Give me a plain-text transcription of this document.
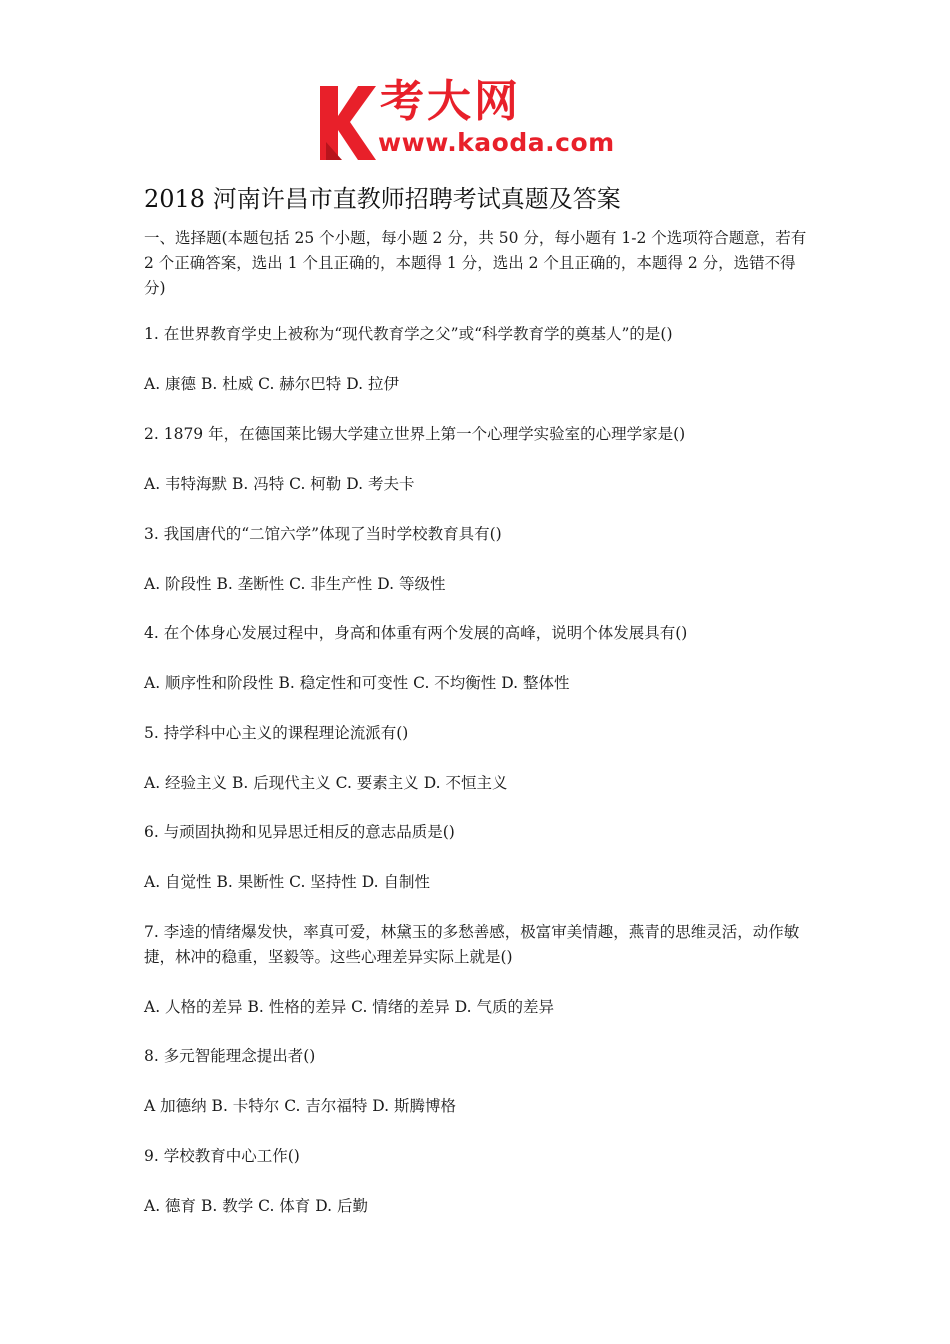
考大网
www.kaoda.com
2018 河南许昌市直教师招聘考试真题及答案
一、选择题(本题包括 25 个小题，每小题 2 分，共 50 分，每小题有 1-2 个选项符合题意，若有 2 个正确答案，选出 1 个且正确的，本题得 1 分，选出 2 个且正确的，本题得 2 分，选错不得分)
1. 在世界教育学史上被称为“现代教育学之父”或“科学教育学的奠基人”的是()
A. 康德 B. 杜威 C. 赫尔巴特 D. 拉伊
2. 1879 年，在德国莱比锡大学建立世界上第一个心理学实验室的心理学家是()
A. 韦特海默 B. 冯特 C. 柯勒 D. 考夫卡
3. 我国唐代的“二馆六学”体现了当时学校教育具有()
A. 阶段性 B. 垄断性 C. 非生产性 D. 等级性
4. 在个体身心发展过程中，身高和体重有两个发展的高峰，说明个体发展具有()
A. 顺序性和阶段性 B. 稳定性和可变性 C. 不均衡性 D. 整体性
5. 持学科中心主义的课程理论流派有()
A. 经验主义 B. 后现代主义 C. 要素主义 D. 不恒主义
6. 与顽固执拗和见异思迁相反的意志品质是()
A. 自觉性 B. 果断性 C. 坚持性 D. 自制性
7. 李逵的情绪爆发快，率真可爱，林黛玉的多愁善感，极富审美情趣，燕青的思维灵活，动作敏捷，林冲的稳重，坚毅等。这些心理差异实际上就是()
A. 人格的差异 B. 性格的差异 C. 情绪的差异 D. 气质的差异
8. 多元智能理念提出者()
A 加德纳 B. 卡特尔 C. 吉尔福特 D. 斯腾博格
9. 学校教育中心工作()
A. 德育 B. 教学 C. 体育 D. 后勤
